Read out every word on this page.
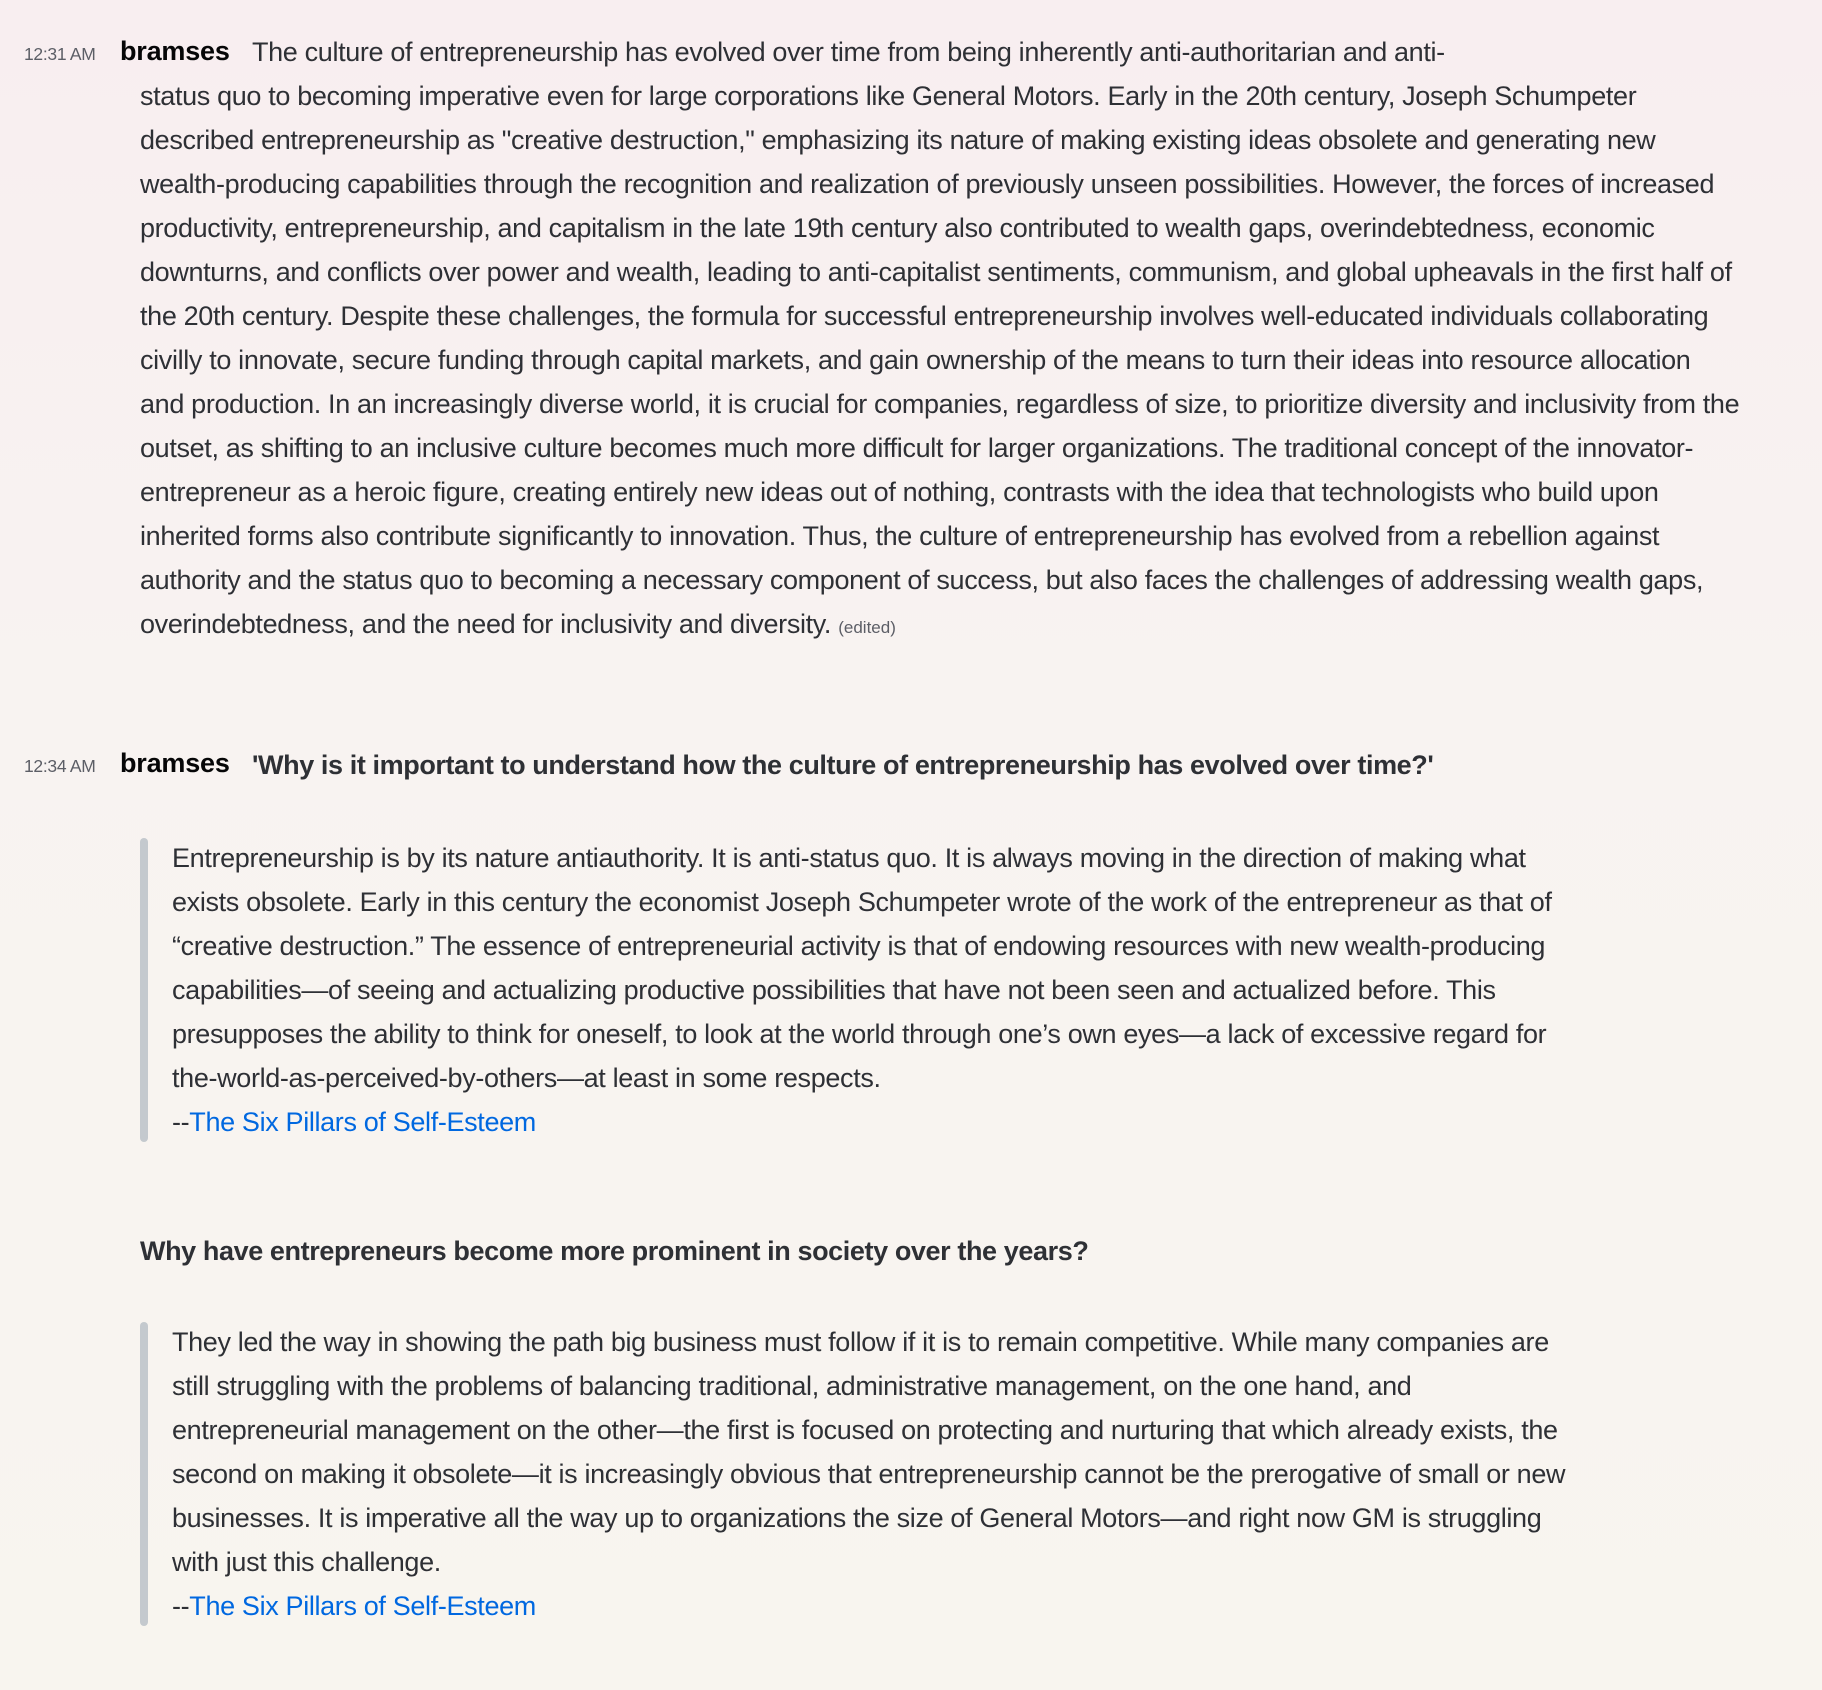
12:31 AM bramses The culture of entrepreneurship has evolved over time from being inherently anti-authoritarian and anti-
status quo to becoming imperative even for large corporations like General Motors. Early in the 20th century, Joseph Schumpeter described entrepreneurship as "creative destruction," emphasizing its nature of making existing ideas obsolete and generating new wealth-producing capabilities through the recognition and realization of previously unseen possibilities. However, the forces of increased productivity, entrepreneurship, and capitalism in the late 19th century also contributed to wealth gaps, overindebtedness, economic downturns, and conflicts over power and wealth, leading to anti-capitalist sentiments, communism, and global upheavals in the first half of the 20th century. Despite these challenges, the formula for successful entrepreneurship involves well-educated individuals collaborating civilly to innovate, secure funding through capital markets, and gain ownership of the means to turn their ideas into resource allocation and production. In an increasingly diverse world, it is crucial for companies, regardless of size, to prioritize diversity and inclusivity from the outset, as shifting to an inclusive culture becomes much more difficult for larger organizations. The traditional concept of the innovator-entrepreneur as a heroic figure, creating entirely new ideas out of nothing, contrasts with the idea that technologists who build upon inherited forms also contribute significantly to innovation. Thus, the culture of entrepreneurship has evolved from a rebellion against authority and the status quo to becoming a necessary component of success, but also faces the challenges of addressing wealth gaps, overindebtedness, and the need for inclusivity and diversity. (edited)
12:34 AM bramses 'Why is it important to understand how the culture of entrepreneurship has evolved over time?'
Entrepreneurship is by its nature antiauthority. It is anti-status quo. It is always moving in the direction of making what exists obsolete. Early in this century the economist Joseph Schumpeter wrote of the work of the entrepreneur as that of “creative destruction.” The essence of entrepreneurial activity is that of endowing resources with new wealth-producing capabilities—of seeing and actualizing productive possibilities that have not been seen and actualized before. This presupposes the ability to think for oneself, to look at the world through one’s own eyes—a lack of excessive regard for the-world-as-perceived-by-others—at least in some respects.
--The Six Pillars of Self-Esteem
Why have entrepreneurs become more prominent in society over the years?
They led the way in showing the path big business must follow if it is to remain competitive. While many companies are still struggling with the problems of balancing traditional, administrative management, on the one hand, and entrepreneurial management on the other—the first is focused on protecting and nurturing that which already exists, the second on making it obsolete—it is increasingly obvious that entrepreneurship cannot be the prerogative of small or new businesses. It is imperative all the way up to organizations the size of General Motors—and right now GM is struggling with just this challenge.
--The Six Pillars of Self-Esteem
